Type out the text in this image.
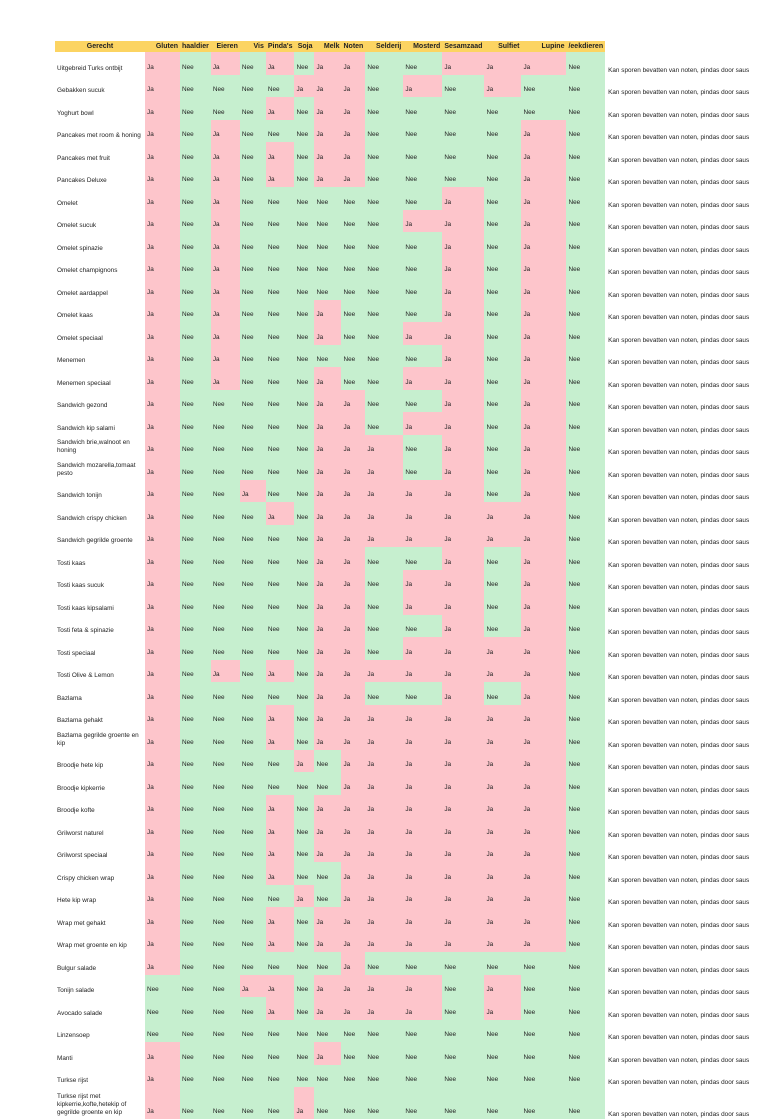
Gerecht	Gluten	haaldier	Eieren	Vis	Pinda's	Soja	Melk	Noten	Selderij	Mosterd	Sesamzaad	Sulfiet	Lupine	/eekdieren	
Uitgebreid Turks ontbijt	Ja	Nee	Ja	Nee	Ja	Nee	Ja	Ja	Nee	Nee	Ja	Ja	Ja	Nee	Kan sporen bevatten van noten, pindas door saus
Gebakken sucuk	Ja	Nee	Nee	Nee	Nee	Ja	Ja	Ja	Nee	Ja	Nee	Ja	Nee	Nee	Kan sporen bevatten van noten, pindas door saus
Yoghurt bowl	Ja	Nee	Nee	Nee	Ja	Nee	Ja	Ja	Nee	Nee	Nee	Nee	Nee	Nee	Kan sporen bevatten van noten, pindas door saus
Pancakes met room & honing	Ja	Nee	Ja	Nee	Nee	Nee	Ja	Ja	Nee	Nee	Nee	Nee	Ja	Nee	Kan sporen bevatten van noten, pindas door saus
Pancakes met fruit	Ja	Nee	Ja	Nee	Ja	Nee	Ja	Ja	Nee	Nee	Nee	Nee	Ja	Nee	Kan sporen bevatten van noten, pindas door saus
Pancakes Deluxe	Ja	Nee	Ja	Nee	Ja	Nee	Ja	Ja	Nee	Nee	Nee	Nee	Ja	Nee	Kan sporen bevatten van noten, pindas door saus
Omelet	Ja	Nee	Ja	Nee	Nee	Nee	Nee	Nee	Nee	Nee	Ja	Nee	Ja	Nee	Kan sporen bevatten van noten, pindas door saus
Omelet sucuk	Ja	Nee	Ja	Nee	Nee	Nee	Nee	Nee	Nee	Ja	Ja	Nee	Ja	Nee	Kan sporen bevatten van noten, pindas door saus
Omelet spinazie	Ja	Nee	Ja	Nee	Nee	Nee	Nee	Nee	Nee	Nee	Ja	Nee	Ja	Nee	Kan sporen bevatten van noten, pindas door saus
Omelet champignons	Ja	Nee	Ja	Nee	Nee	Nee	Nee	Nee	Nee	Nee	Ja	Nee	Ja	Nee	Kan sporen bevatten van noten, pindas door saus
Omelet aardappel	Ja	Nee	Ja	Nee	Nee	Nee	Nee	Nee	Nee	Nee	Ja	Nee	Ja	Nee	Kan sporen bevatten van noten, pindas door saus
Omelet kaas	Ja	Nee	Ja	Nee	Nee	Nee	Ja	Nee	Nee	Nee	Ja	Nee	Ja	Nee	Kan sporen bevatten van noten, pindas door saus
Omelet speciaal	Ja	Nee	Ja	Nee	Nee	Nee	Ja	Nee	Nee	Ja	Ja	Nee	Ja	Nee	Kan sporen bevatten van noten, pindas door saus
Menemen	Ja	Nee	Ja	Nee	Nee	Nee	Nee	Nee	Nee	Nee	Ja	Nee	Ja	Nee	Kan sporen bevatten van noten, pindas door saus
Menemen speciaal	Ja	Nee	Ja	Nee	Nee	Nee	Ja	Nee	Nee	Ja	Ja	Nee	Ja	Nee	Kan sporen bevatten van noten, pindas door saus
Sandwich gezond	Ja	Nee	Nee	Nee	Nee	Nee	Ja	Ja	Nee	Nee	Ja	Nee	Ja	Nee	Kan sporen bevatten van noten, pindas door saus
Sandwich kip salami	Ja	Nee	Nee	Nee	Nee	Nee	Ja	Ja	Nee	Ja	Ja	Nee	Ja	Nee	Kan sporen bevatten van noten, pindas door saus
Sandwich brie,walnoot en honing	Ja	Nee	Nee	Nee	Nee	Nee	Ja	Ja	Ja	Nee	Ja	Nee	Ja	Nee	Kan sporen bevatten van noten, pindas door saus
Sandwich mozarella,tomaat pesto	Ja	Nee	Nee	Nee	Nee	Nee	Ja	Ja	Ja	Nee	Ja	Nee	Ja	Nee	Kan sporen bevatten van noten, pindas door saus
Sandwich tonijn	Ja	Nee	Nee	Ja	Nee	Nee	Ja	Ja	Ja	Ja	Ja	Nee	Ja	Nee	Kan sporen bevatten van noten, pindas door saus
Sandwich crispy chicken	Ja	Nee	Nee	Nee	Ja	Nee	Ja	Ja	Ja	Ja	Ja	Ja	Ja	Nee	Kan sporen bevatten van noten, pindas door saus
Sandwich gegrilde groente	Ja	Nee	Nee	Nee	Nee	Nee	Ja	Ja	Ja	Ja	Ja	Ja	Ja	Nee	Kan sporen bevatten van noten, pindas door saus
Tosti kaas	Ja	Nee	Nee	Nee	Nee	Nee	Ja	Ja	Nee	Nee	Ja	Nee	Ja	Nee	Kan sporen bevatten van noten, pindas door saus
Tosti kaas sucuk	Ja	Nee	Nee	Nee	Nee	Nee	Ja	Ja	Nee	Ja	Ja	Nee	Ja	Nee	Kan sporen bevatten van noten, pindas door saus
Tosti kaas kipsalami	Ja	Nee	Nee	Nee	Nee	Nee	Ja	Ja	Nee	Ja	Ja	Nee	Ja	Nee	Kan sporen bevatten van noten, pindas door saus
Tosti feta & spinazie	Ja	Nee	Nee	Nee	Nee	Nee	Ja	Ja	Nee	Nee	Ja	Nee	Ja	Nee	Kan sporen bevatten van noten, pindas door saus
Tosti speciaal	Ja	Nee	Nee	Nee	Nee	Nee	Ja	Ja	Nee	Ja	Ja	Ja	Ja	Nee	Kan sporen bevatten van noten, pindas door saus
Tosti Olive & Lemon	Ja	Nee	Ja	Nee	Ja	Nee	Ja	Ja	Ja	Ja	Ja	Ja	Ja	Nee	Kan sporen bevatten van noten, pindas door saus
Bazlama	Ja	Nee	Nee	Nee	Nee	Nee	Ja	Ja	Nee	Nee	Ja	Nee	Ja	Nee	Kan sporen bevatten van noten, pindas door saus
Bazlama gehakt	Ja	Nee	Nee	Nee	Ja	Nee	Ja	Ja	Ja	Ja	Ja	Ja	Ja	Nee	Kan sporen bevatten van noten, pindas door saus
Bazlama gegrilde groente en kip	Ja	Nee	Nee	Nee	Ja	Nee	Ja	Ja	Ja	Ja	Ja	Ja	Ja	Nee	Kan sporen bevatten van noten, pindas door saus
Broodje hete kip	Ja	Nee	Nee	Nee	Nee	Ja	Nee	Ja	Ja	Ja	Ja	Ja	Ja	Nee	Kan sporen bevatten van noten, pindas door saus
Broodje kipkerrie	Ja	Nee	Nee	Nee	Nee	Nee	Nee	Ja	Ja	Ja	Ja	Ja	Ja	Nee	Kan sporen bevatten van noten, pindas door saus
Broodje kofte	Ja	Nee	Nee	Nee	Ja	Nee	Ja	Ja	Ja	Ja	Ja	Ja	Ja	Nee	Kan sporen bevatten van noten, pindas door saus
Grilworst naturel	Ja	Nee	Nee	Nee	Ja	Nee	Ja	Ja	Ja	Ja	Ja	Ja	Ja	Nee	Kan sporen bevatten van noten, pindas door saus
Grilworst speciaal	Ja	Nee	Nee	Nee	Ja	Nee	Ja	Ja	Ja	Ja	Ja	Ja	Ja	Nee	Kan sporen bevatten van noten, pindas door saus
Crispy chicken wrap	Ja	Nee	Nee	Nee	Ja	Nee	Nee	Ja	Ja	Ja	Ja	Ja	Ja	Nee	Kan sporen bevatten van noten, pindas door saus
Hete kip wrap	Ja	Nee	Nee	Nee	Nee	Ja	Nee	Ja	Ja	Ja	Ja	Ja	Ja	Nee	Kan sporen bevatten van noten, pindas door saus
Wrap met gehakt	Ja	Nee	Nee	Nee	Ja	Nee	Ja	Ja	Ja	Ja	Ja	Ja	Ja	Nee	Kan sporen bevatten van noten, pindas door saus
Wrap met groente en kip	Ja	Nee	Nee	Nee	Ja	Nee	Ja	Ja	Ja	Ja	Ja	Ja	Ja	Nee	Kan sporen bevatten van noten, pindas door saus
Bulgur salade	Ja	Nee	Nee	Nee	Nee	Nee	Nee	Ja	Nee	Nee	Nee	Nee	Nee	Nee	Kan sporen bevatten van noten, pindas door saus
Tonijn salade	Nee	Nee	Nee	Ja	Ja	Nee	Ja	Ja	Ja	Ja	Nee	Ja	Nee	Nee	Kan sporen bevatten van noten, pindas door saus
Avocado salade	Nee	Nee	Nee	Nee	Ja	Nee	Ja	Ja	Ja	Ja	Nee	Ja	Nee	Nee	Kan sporen bevatten van noten, pindas door saus
Linzensoep	Nee	Nee	Nee	Nee	Nee	Nee	Nee	Nee	Nee	Nee	Nee	Nee	Nee	Nee	Kan sporen bevatten van noten, pindas door saus
Manti	Ja	Nee	Nee	Nee	Nee	Nee	Ja	Nee	Nee	Nee	Nee	Nee	Nee	Nee	Kan sporen bevatten van noten, pindas door saus
Turkse rijst	Ja	Nee	Nee	Nee	Nee	Nee	Nee	Nee	Nee	Nee	Nee	Nee	Nee	Nee	Kan sporen bevatten van noten, pindas door saus
Turkse rijst met kipkerrie,kofte,hetekip of gegrilde groente en kip	Ja	Nee	Nee	Nee	Nee	Ja	Nee	Nee	Nee	Nee	Nee	Nee	Nee	Nee	Kan sporen bevatten van noten, pindas door saus
